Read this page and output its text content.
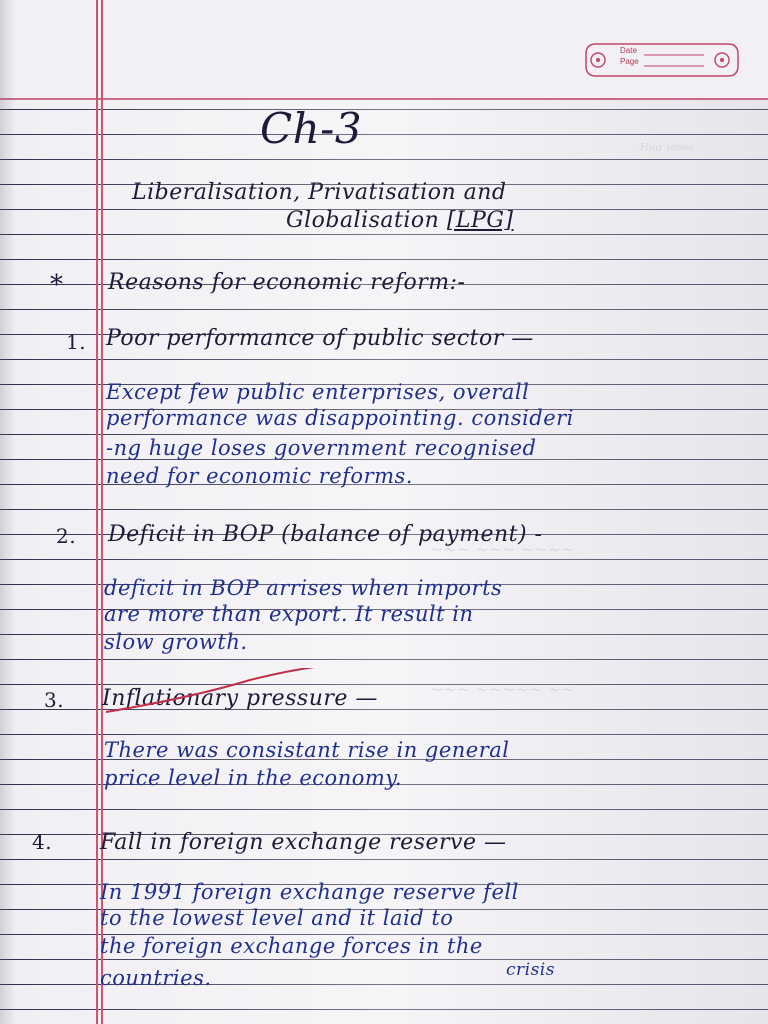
ᴴᵘᵍ ˡᵒˢᵉˢ
~~~ ~~~ ~~~~
~~~ ~~~~~ ~~
Date
Page
Ch-3
Liberalisation, Privatisation and
Globalisation [LPG]
* Reasons for economic reform:-
1. Poor performance of public sector —
Except few public enterprises, overall
performance was disappointing. consideri
-ng huge loses government recognised
need for economic reforms.
2. Deficit in BOP (balance of payment) -
deficit in BOP arrises when imports
are more than export. It result in
slow growth.
3. Inflationary pressure —
There was consistant rise in general
price level in the economy.
4. Fall in foreign exchange reserve —
In 1991 foreign exchange reserve fell
to the lowest level and it laid to
the foreign exchange forces in the
crisis
countries.
